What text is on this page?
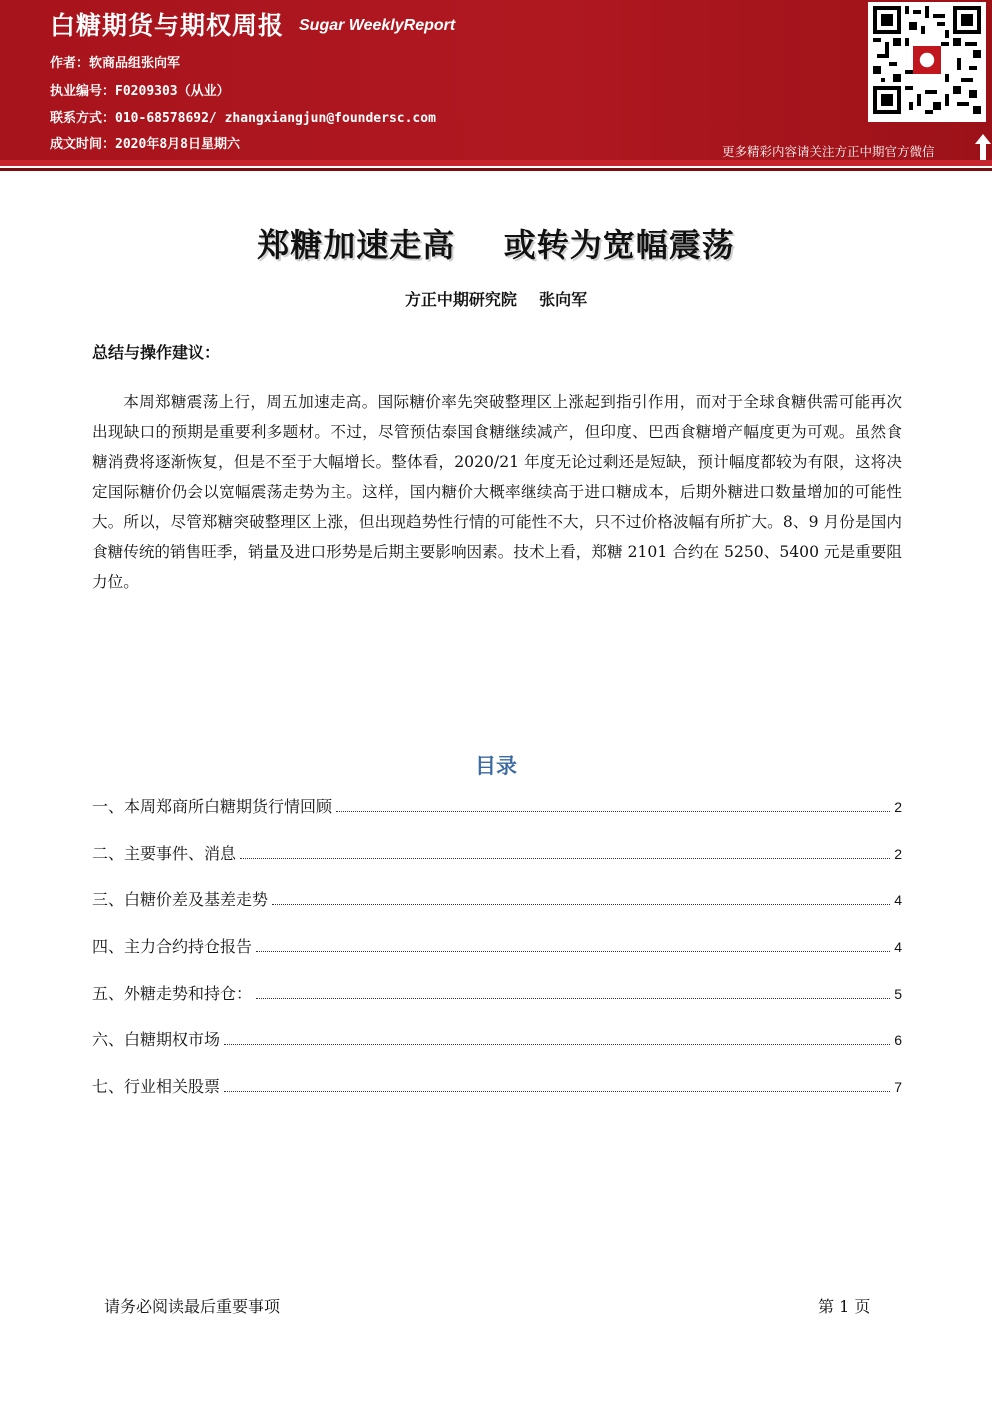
白糖期货与期权周报 Sugar WeeklyReport
作者：软商品组张向军
执业编号：F0209303（从业）
联系方式：010-68578692/ zhangxiangjun@foundersc.com
成文时间：2020年8月8日星期六	更多精彩内容请关注方正中期官方微信
郑糖加速走高    或转为宽幅震荡
方正中期研究院    张向军
总结与操作建议：
本周郑糖震荡上行，周五加速走高。国际糖价率先突破整理区上涨起到指引作用，而对于全球食糖供需可能再次出现缺口的预期是重要利多题材。不过，尽管预估泰国食糖继续减产，但印度、巴西食糖增产幅度更为可观。虽然食糖消费将逐渐恢复，但是不至于大幅增长。整体看，2020/21 年度无论过剩还是短缺，预计幅度都较为有限，这将决定国际糖价仍会以宽幅震荡走势为主。这样，国内糖价大概率继续高于进口糖成本，后期外糖进口数量增加的可能性大。所以，尽管郑糖突破整理区上涨，但出现趋势性行情的可能性不大，只不过价格波幅有所扩大。8、9 月份是国内食糖传统的销售旺季，销量及进口形势是后期主要影响因素。技术上看，郑糖 2101 合约在 5250、5400 元是重要阻力位。
目录
一、本周郑商所白糖期货行情回顾	2
二、主要事件、消息	2
三、白糖价差及基差走势	4
四、主力合约持仓报告	4
五、外糖走势和持仓：	5
六、白糖期权市场	6
七、行业相关股票	7
请务必阅读最后重要事项	第 1 页
